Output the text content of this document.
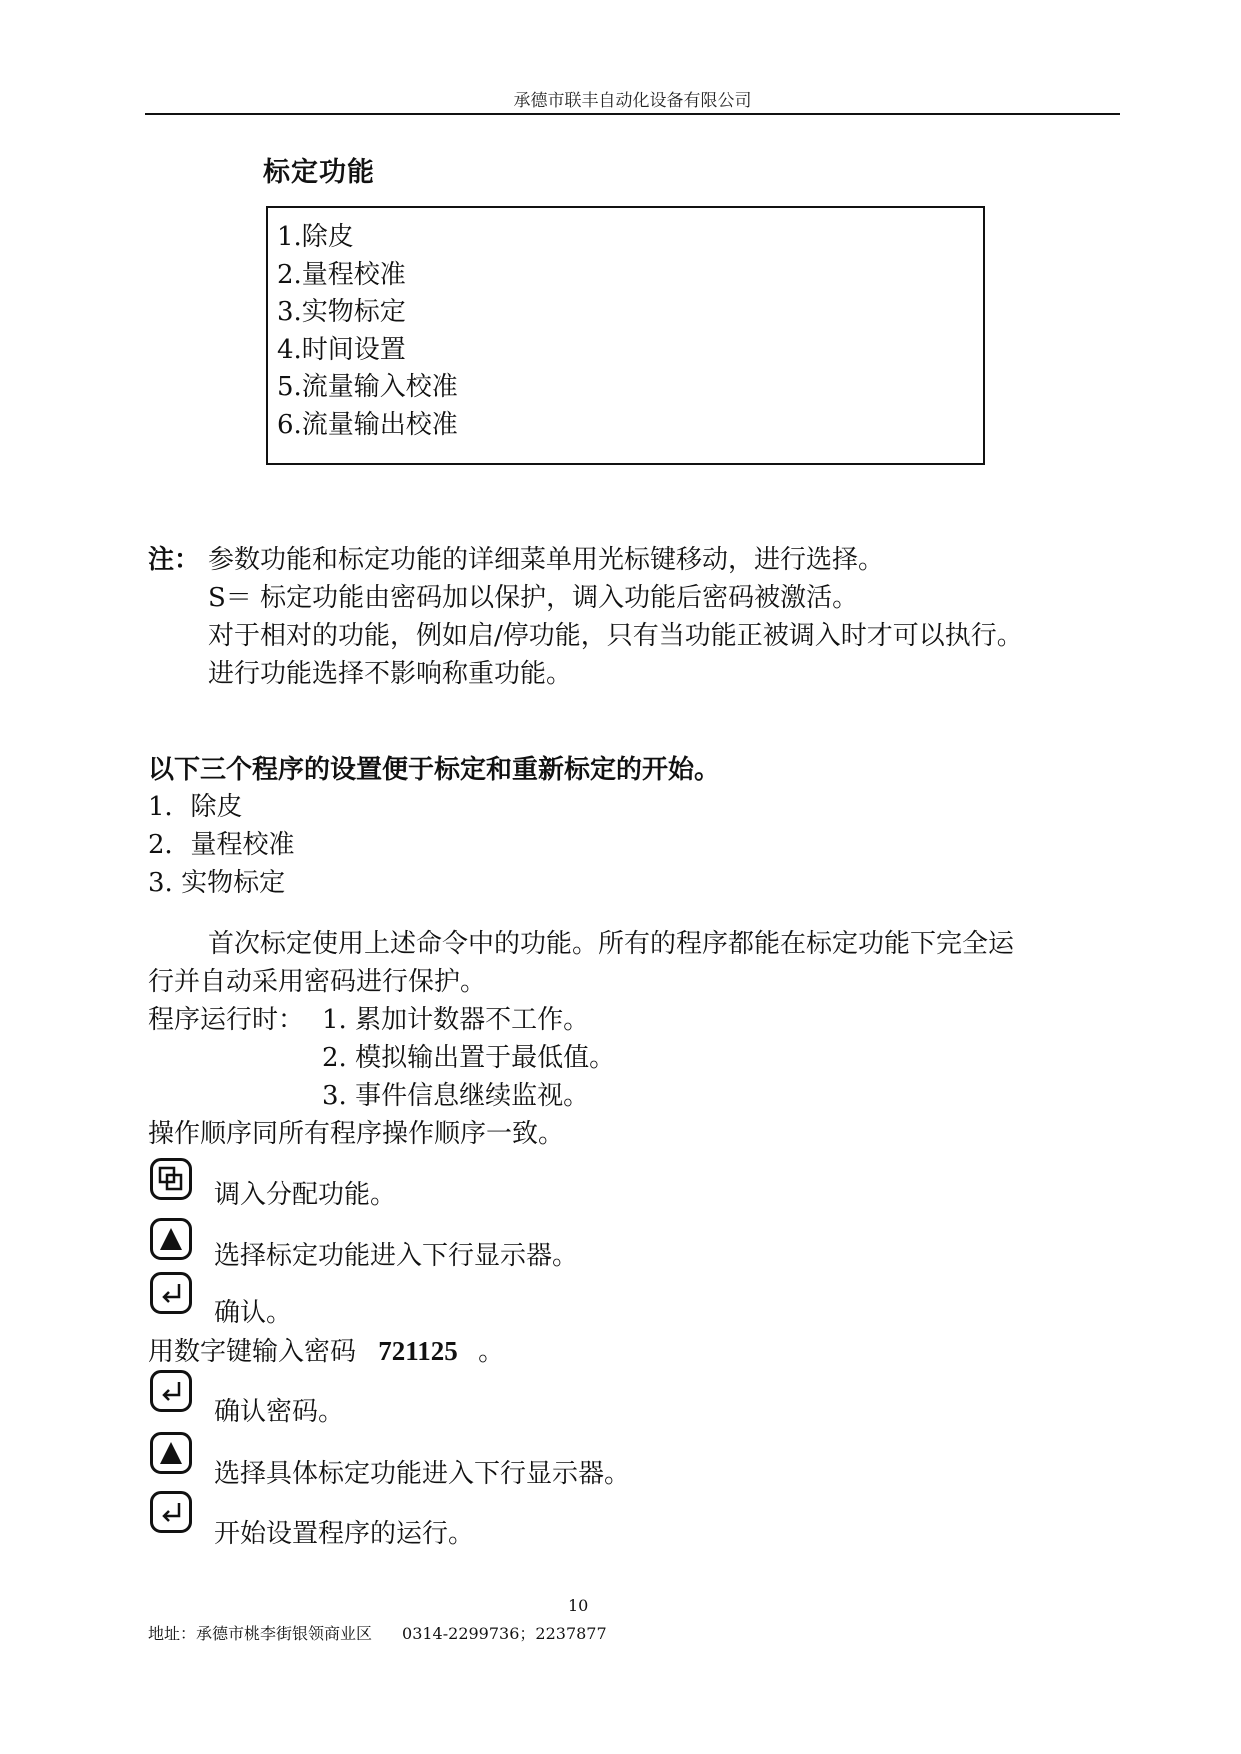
承德市联丰自动化设备有限公司
标定功能
1.除皮
2.量程校准
3.实物标定
4.时间设置
5.流量输入校准
6.流量输出校准
注： 参数功能和标定功能的详细菜单用光标键移动，进行选择。
S＝ 标定功能由密码加以保护，调入功能后密码被激活。
对于相对的功能，例如启/停功能，只有当功能正被调入时才可以执行。
进行功能选择不影响称重功能。
以下三个程序的设置便于标定和重新标定的开始。
1．除皮
2．量程校准
3. 实物标定
首次标定使用上述命令中的功能。所有的程序都能在标定功能下完全运
行并自动采用密码进行保护。
程序运行时： 1. 累加计数器不工作。
2. 模拟输出置于最低值。
3. 事件信息继续监视。
操作顺序同所有程序操作顺序一致。
调入分配功能。
选择标定功能进入下行显示器。
确认。
用数字键输入密码 721125 。
确认密码。
选择具体标定功能进入下行显示器。
开始设置程序的运行。
10
地址：承德市桃李街银领商业区 0314-2299736；2237877
